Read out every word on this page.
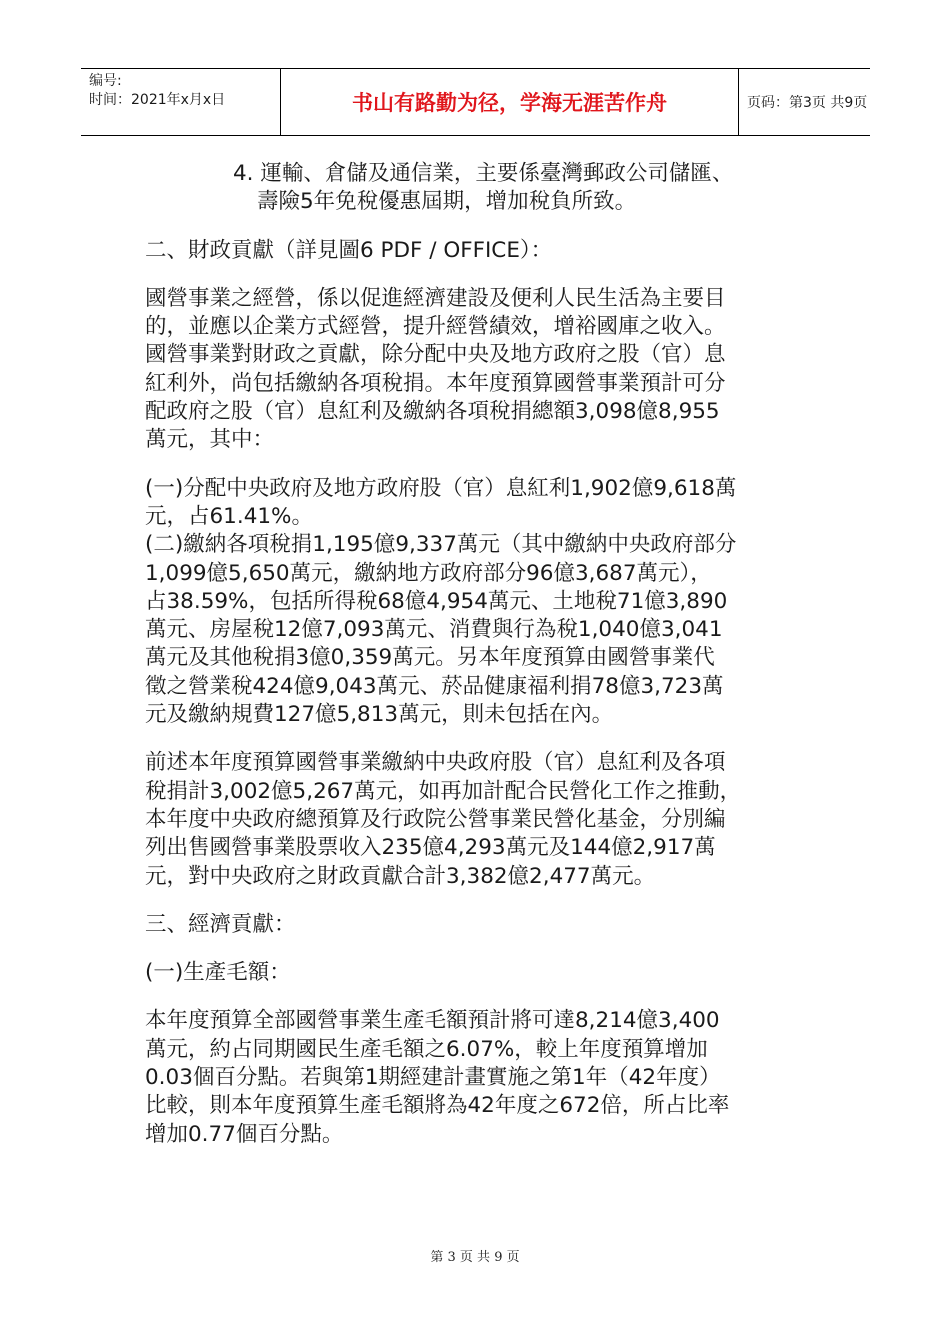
编号:
时间：2021年x月x日	书山有路勤为径，学海无涯苦作舟	页码：第3页 共9页
4. 運輸、倉儲及通信業，主要係臺灣郵政公司儲匯、
壽險5年免稅優惠屆期，增加稅負所致。
二、財政貢獻（詳見圖6 PDF / OFFICE）：
國營事業之經營，係以促進經濟建設及便利人民生活為主要目
的，並應以企業方式經營，提升經營績效，增裕國庫之收入。
國營事業對財政之貢獻，除分配中央及地方政府之股（官）息
紅利外，尚包括繳納各項稅捐。本年度預算國營事業預計可分
配政府之股（官）息紅利及繳納各項稅捐總額3,098億8,955
萬元，其中：
(一)分配中央政府及地方政府股（官）息紅利1,902億9,618萬
元，占61.41%。
(二)繳納各項稅捐1,195億9,337萬元（其中繳納中央政府部分
1,099億5,650萬元，繳納地方政府部分96億3,687萬元），
占38.59%，包括所得稅68億4,954萬元、土地稅71億3,890
萬元、房屋稅12億7,093萬元、消費與行為稅1,040億3,041
萬元及其他稅捐3億0,359萬元。另本年度預算由國營事業代
徵之營業稅424億9,043萬元、菸品健康福利捐78億3,723萬
元及繳納規費127億5,813萬元，則未包括在內。
前述本年度預算國營事業繳納中央政府股（官）息紅利及各項
稅捐計3,002億5,267萬元，如再加計配合民營化工作之推動，
本年度中央政府總預算及行政院公營事業民營化基金，分別編
列出售國營事業股票收入235億4,293萬元及144億2,917萬
元，對中央政府之財政貢獻合計3,382億2,477萬元。
三、經濟貢獻：
(一)生產毛額：
本年度預算全部國營事業生產毛額預計將可達8,214億3,400
萬元，約占同期國民生產毛額之6.07%，較上年度預算增加
0.03個百分點。若與第1期經建計畫實施之第1年（42年度）
比較，則本年度預算生產毛額將為42年度之672倍，所占比率
增加0.77個百分點。
第 3 页 共 9 页
